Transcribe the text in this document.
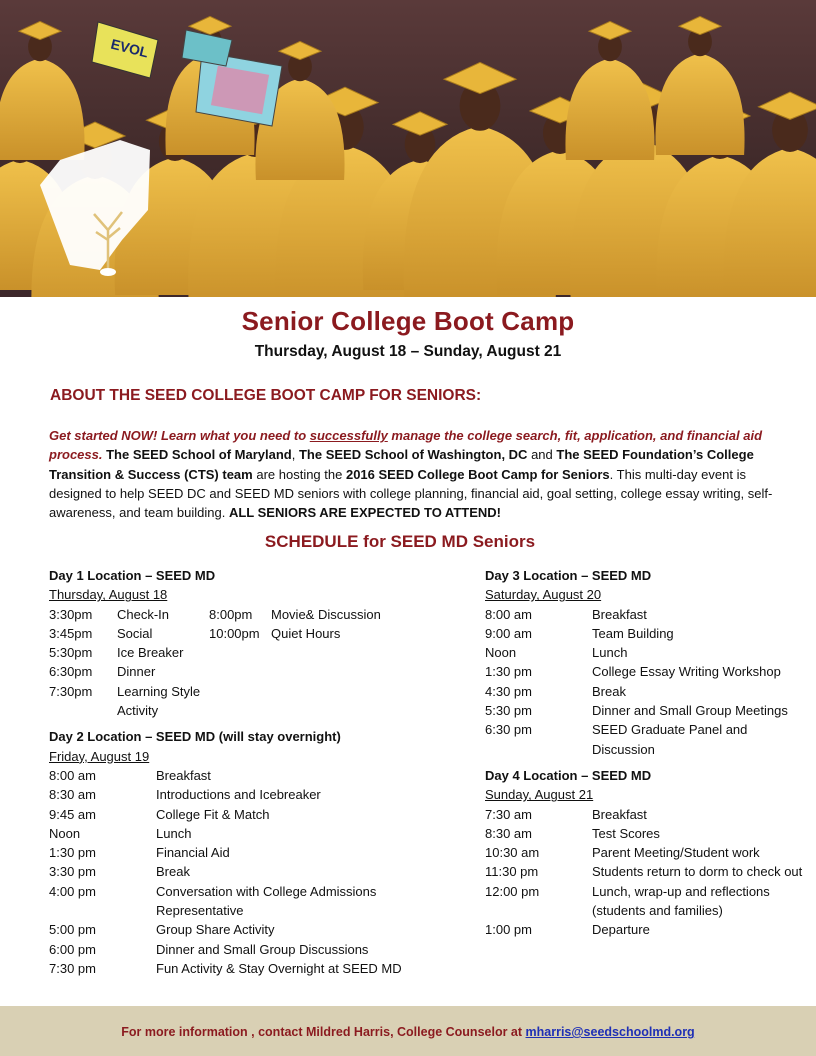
EVOL
Senior College Boot Camp
Thursday, August 18 – Sunday, August 21
ABOUT THE SEED COLLEGE BOOT CAMP FOR SENIORS:
Get started NOW! Learn what you need to successfully manage the college search, fit, application, and financial aid process. The SEED School of Maryland, The SEED School of Washington, DC and The SEED Foundation’s College Transition & Success (CTS) team are hosting the 2016 SEED College Boot Camp for Seniors. This multi-day event is designed to help SEED DC and SEED MD seniors with college planning, financial aid, goal setting, college essay writing, self-awareness, and team building. ALL SENIORS ARE EXPECTED TO ATTEND!
SCHEDULE for SEED MD Seniors
Day 1 Location – SEED MD
Thursday, August 18
3:30pm	Check-In	8:00pm	Movie& Discussion
3:45pm	Social	10:00pm Quiet Hours
5:30pm	Ice Breaker
6:30pm	Dinner
7:30pm	Learning Style Activity
Day 2 Location – SEED MD (will stay overnight)
Friday, August 19
8:00 am	Breakfast
8:30 am	Introductions and Icebreaker
9:45 am	College Fit & Match
Noon	Lunch
1:30 pm	Financial Aid
3:30 pm	Break
4:00 pm	Conversation with College Admissions Representative
5:00 pm	Group Share Activity
6:00 pm	Dinner and Small Group Discussions
7:30 pm	Fun Activity & Stay Overnight at SEED MD
Day 3 Location – SEED MD
Saturday, August 20
8:00 am	Breakfast
9:00 am	Team Building
Noon	Lunch
1:30 pm	College Essay Writing Workshop
4:30 pm	Break
5:30 pm	Dinner and Small Group Meetings
6:30 pm	SEED Graduate Panel and Discussion
Day 4 Location – SEED MD
Sunday, August 21
7:30 am	Breakfast
8:30 am	Test Scores
10:30 am	Parent Meeting/Student work
11:30 pm	Students return to dorm to check out
12:00 pm	Lunch, wrap-up and reflections (students and families)
1:00 pm	Departure
For more information , contact Mildred Harris, College Counselor at mharris@seedschoolmd.org
